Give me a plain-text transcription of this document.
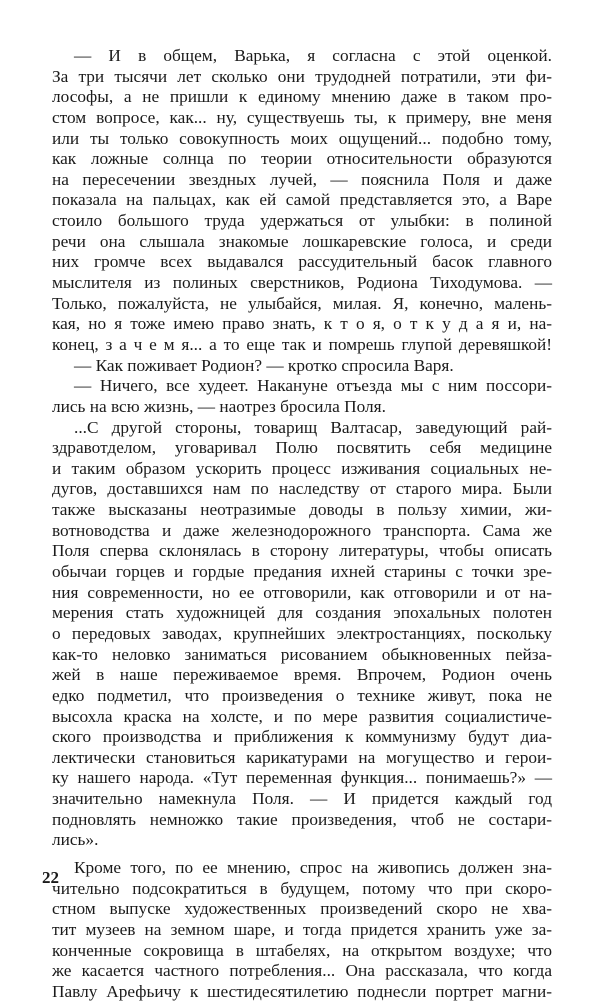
— И в общем, Варька, я согласна с этой оценкой.
За три тысячи лет сколько они трудодней потратили, эти фи-
лософы, а не пришли к единому мнению даже в таком про-
стом вопросе, как... ну, существуешь ты, к примеру, вне меня
или ты только совокупность моих ощущений... подобно тому,
как ложные солнца по теории относительности образуются
на пересечении звездных лучей, — пояснила Поля и даже
показала на пальцах, как ей самой представляется это, а Варе
стоило большого труда удержаться от улыбки: в полиной
речи она слышала знакомые лошкаревские голоса, и среди
них громче всех выдавался рассудительный басок главного
мыслителя из полиных сверстников, Родиона Тиходумова. —
Только, пожалуйста, не улыбайся, милая. Я, конечно, малень-
кая, но я тоже имею право знать, к т о я, о т к у д а я и, на-
конец, з а ч е м я... а то еще так и помрешь глупой деревяшкой!
— Как поживает Родион? — кротко спросила Варя.
— Ничего, все худеет. Накануне отъезда мы с ним поссори-
лись на всю жизнь, — наотрез бросила Поля.
...С другой стороны, товарищ Валтасар, заведующий рай-
здравотделом, уговаривал Полю посвятить себя медицине
и таким образом ускорить процесс изживания социальных не-
дугов, доставшихся нам по наследству от старого мира. Были
также высказаны неотразимые доводы в пользу химии, жи-
вотноводства и даже железнодорожного транспорта. Сама же
Поля сперва склонялась в сторону литературы, чтобы описать
обычаи горцев и гордые предания ихней старины с точки зре-
ния современности, но ее отговорили, как отговорили и от на-
мерения стать художницей для создания эпохальных полотен
о передовых заводах, крупнейших электростанциях, поскольку
как-то неловко заниматься рисованием обыкновенных пейза-
жей в наше переживаемое время. Впрочем, Родион очень
едко подметил, что произведения о технике живут, пока не
высохла краска на холсте, и по мере развития социалистиче-
ского производства и приближения к коммунизму будут диа-
лектически становиться карикатурами на могущество и герои-
ку нашего народа. «Тут переменная функция... понимаешь?» —
значительно намекнула Поля. — И придется каждый год
подновлять немножко такие произведения, чтоб не состари-
лись».
Кроме того, по ее мнению, спрос на живопись должен зна-
чительно подсократиться в будущем, потому что при скоро-
стном выпуске художественных произведений скоро не хва-
тит музеев на земном шаре, и тогда придется хранить уже за-
конченные сокровища в штабелях, на открытом воздухе; что
же касается частного потребления... Она рассказала, что когда
Павлу Арефьичу к шестидесятилетию поднесли портрет магни-
22
